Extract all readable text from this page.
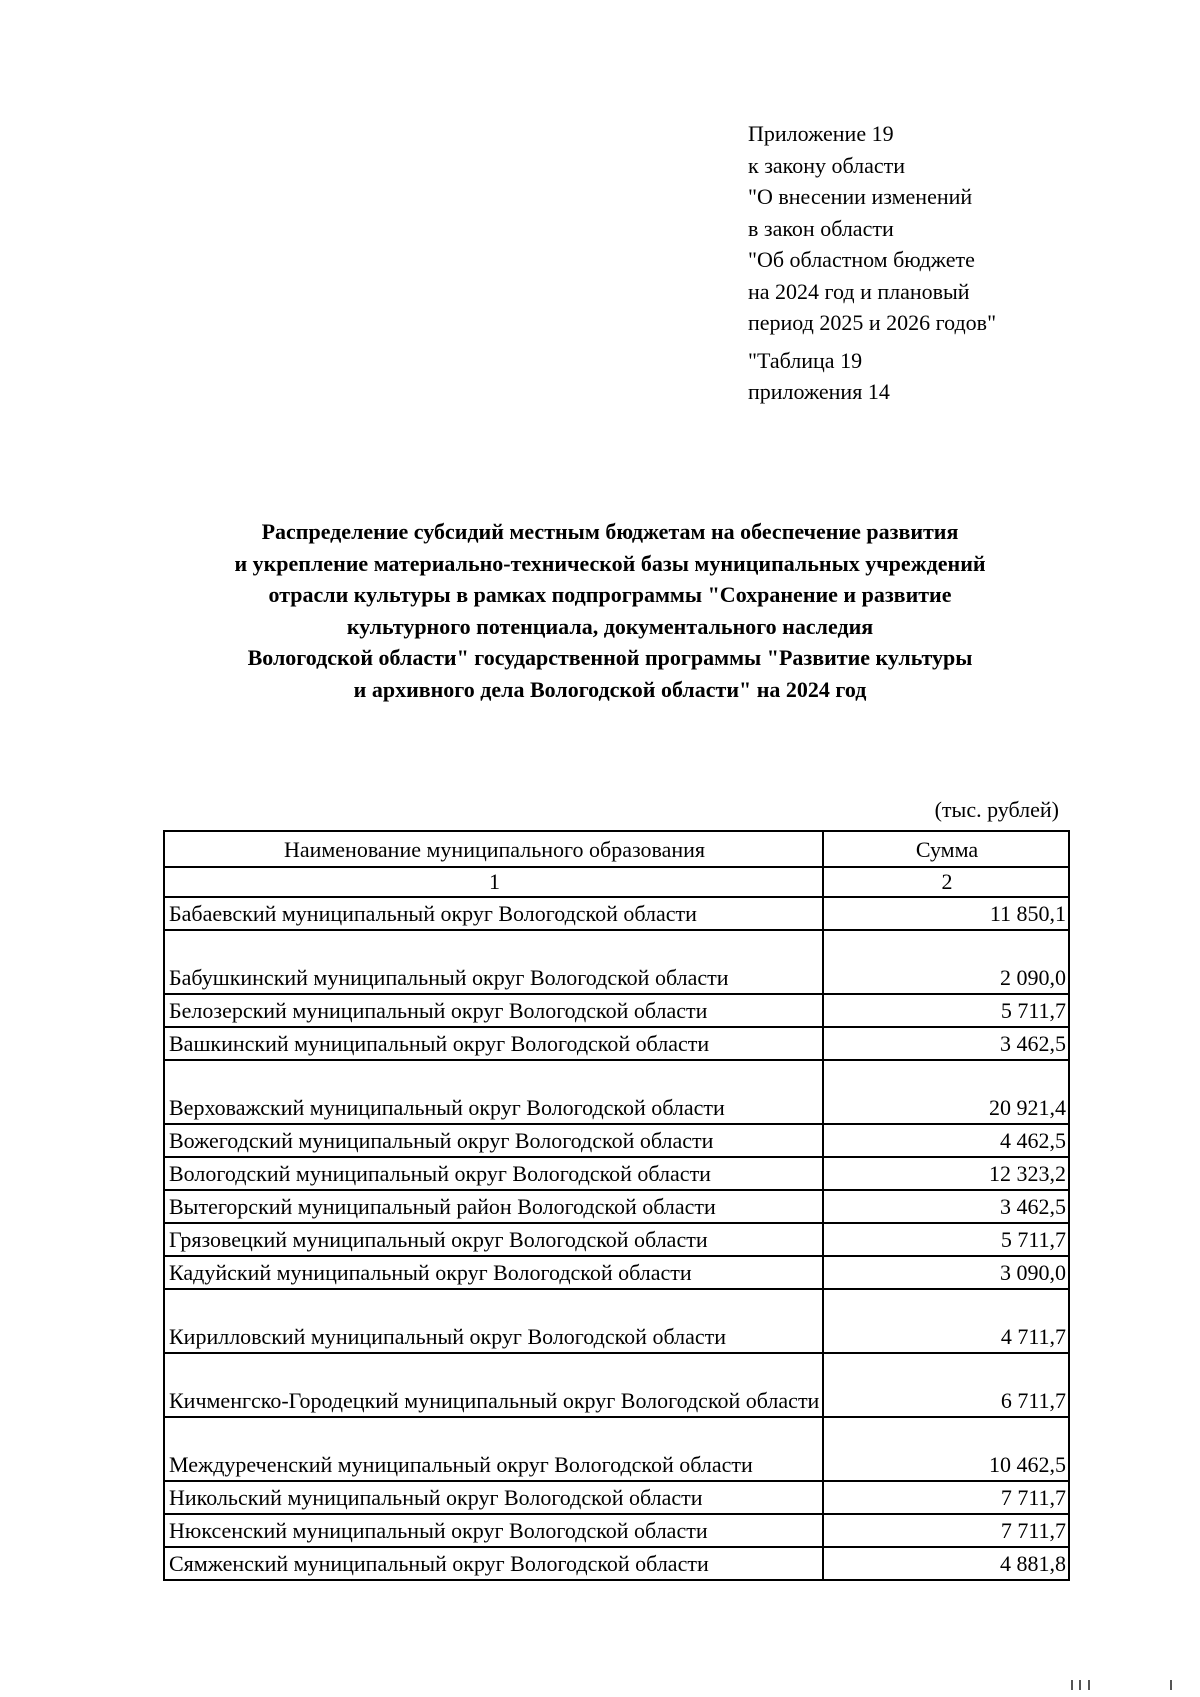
Приложение 19
к закону области
"О внесении изменений
в закон области
"Об областном бюджете
на 2024 год и плановый
период 2025 и 2026 годов"
"Таблица 19
приложения 14
Распределение субсидий местным бюджетам на обеспечение развития
и укрепление материально-технической базы муниципальных учреждений
отрасли культуры в рамках подпрограммы "Сохранение и развитие
культурного потенциала, документального наследия
Вологодской области" государственной программы "Развитие культуры
и архивного дела Вологодской области" на 2024 год
(тыс. рублей)
Наименование муниципального образования	Сумма
1	2
Бабаевский муниципальный округ Вологодской области	11 850,1
Бабушкинский муниципальный округ Вологодской области	2 090,0
Белозерский муниципальный округ Вологодской области	5 711,7
Вашкинский муниципальный округ Вологодской области	3 462,5
Верховажский муниципальный округ Вологодской области	20 921,4
Вожегодский муниципальный округ Вологодской области	4 462,5
Вологодский муниципальный округ Вологодской области	12 323,2
Вытегорский муниципальный район Вологодской области	3 462,5
Грязовецкий муниципальный округ Вологодской области	5 711,7
Кадуйский муниципальный округ Вологодской области	3 090,0
Кирилловский муниципальный округ Вологодской области	4 711,7
Кичменгско-Городецкий муниципальный округ Вологодской области	6 711,7
Междуреченский муниципальный округ Вологодской области	10 462,5
Никольский муниципальный округ Вологодской области	7 711,7
Нюксенский муниципальный округ Вологодской области	7 711,7
Сямженский муниципальный округ Вологодской области	4 881,8
